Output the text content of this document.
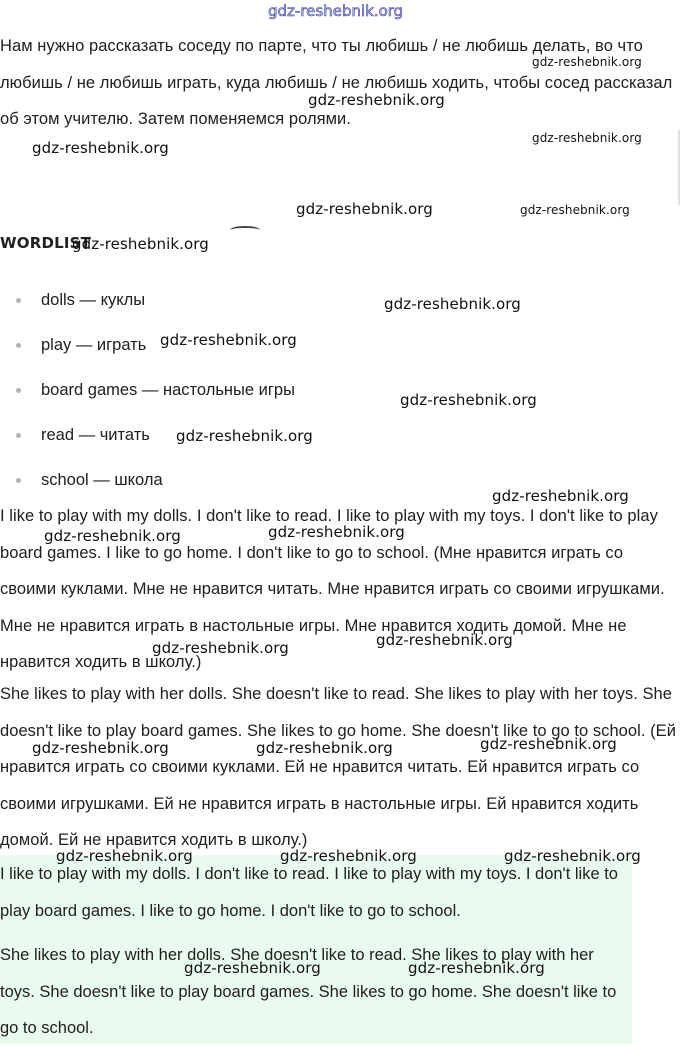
gdz-reshebnik.org

Нам нужно рассказать соседу по парте, что ты любишь / не любишь делать, во что любишь / не любишь играть, куда любишь / не любишь ходить, чтобы сосед рассказал об этом учителю. Затем поменяемся ролями.

WORDLIST
dolls — куклы
play — играть
board games — настольные игры
read — читать
school — школа

I like to play with my dolls. I don't like to read. I like to play with my toys. I don't like to play board games. I like to go home. I don't like to go to school. (Мне нравится играть со своими куклами. Мне не нравится читать. Мне нравится играть со своими игрушками. Мне не нравится играть в настольные игры. Мне нравится ходить домой. Мне не нравится ходить в школу.)

She likes to play with her dolls. She doesn't like to read. She likes to play with her toys. She doesn't like to play board games. She likes to go home. She doesn't like to go to school. (Ей нравится играть со своими куклами. Ей не нравится читать. Ей нравится играть со своими игрушками. Ей не нравится играть в настольные игры. Ей нравится ходить домой. Ей не нравится ходить в школу.)

I like to play with my dolls. I don't like to read. I like to play with my toys. I don't like to play board games. I like to go home. I don't like to go to school.

She likes to play with her dolls. She doesn't like to read. She likes to play with her toys. She doesn't like to play board games. She likes to go home. She doesn't like to go to school.

gdz-reshebnik.org
gdz-reshebnik.org
gdz-reshebnik.org
gdz-reshebnik.org
gdz-reshebnik.org	gdz-reshebnik.org
gdz-reshebnik.org
gdz-reshebnik.org
gdz-reshebnik.org
gdz-reshebnik.org
gdz-reshebnik.org
gdz-reshebnik.org
gdz-reshebnik.org	gdz-reshebnik.org
gdz-reshebnik.org
gdz-reshebnik.org
gdz-reshebnik.org	gdz-reshebnik.org	gdz-reshebnik.org
gdz-reshebnik.org	gdz-reshebnik.org	gdz-reshebnik.org
gdz-reshebnik.org	gdz-reshebnik.org
